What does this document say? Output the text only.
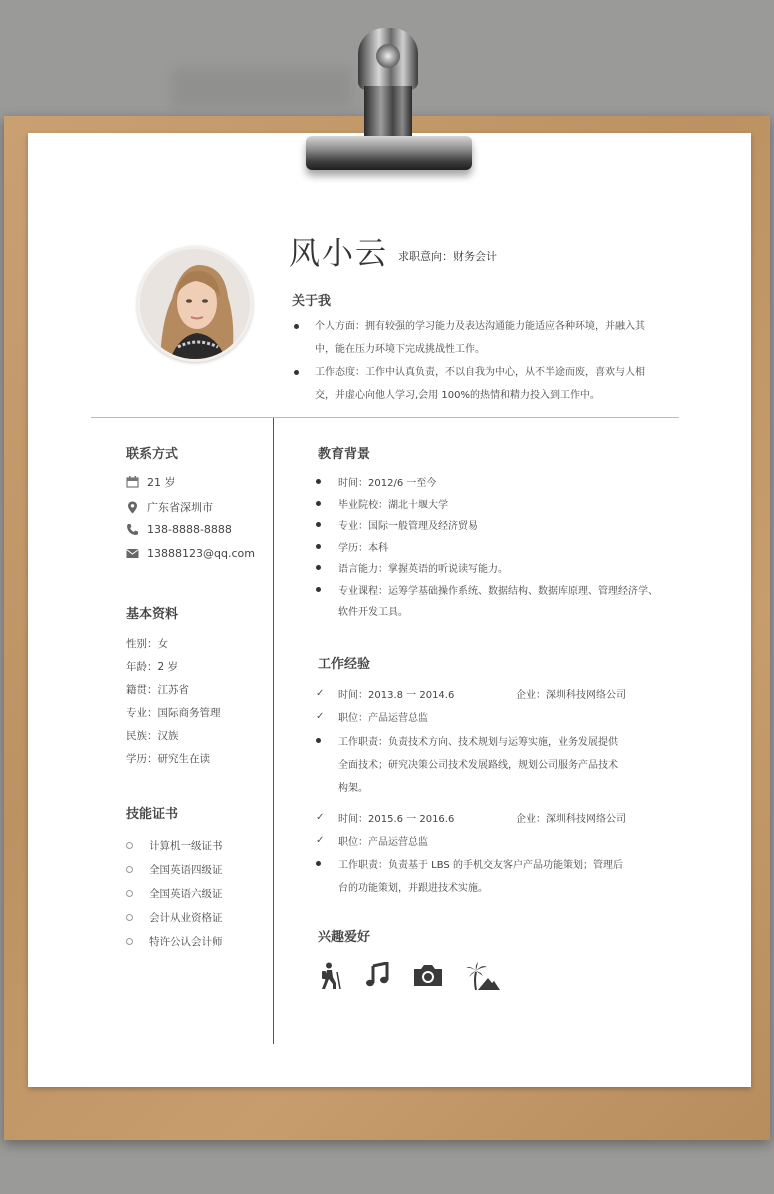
风小云 求职意向：财务会计
关于我
个人方面：拥有较强的学习能力及表达沟通能力能适应各种环境，并融入其
中，能在压力环境下完成挑战性工作。
工作态度：工作中认真负责，不以自我为中心，从不半途而废，喜欢与人相
交，并虚心向他人学习,会用 100%的热情和精力投入到工作中。
联系方式
21 岁
广东省深圳市
138-8888-8888
13888123@qq.com
基本资料
性别：女
年龄：2 岁
籍贯：江苏省
专业：国际商务管理
民族：汉族
学历：研究生在读
技能证书
计算机一级证书
全国英语四级证
全国英语六级证
会计从业资格证
特许公认会计师
教育背景
时间：2012/6 一至今
毕业院校：湖北十堰大学
专业：国际一般管理及经济贸易
学历：本科
语言能力：掌握英语的听说读写能力。
专业课程：运筹学基础操作系统、数据结构、数据库原理、管理经济学、
软件开发工具。
工作经验
✓ 时间：2013.8 一 2014.6	企业：深圳科技网络公司
✓ 职位：产品运营总监
工作职责：负责技术方向、技术规划与运筹实施，业务发展提供
全面技术；研究决策公司技术发展路线，规划公司服务产品技术
构架。
✓ 时间：2015.6 一 2016.6	企业：深圳科技网络公司
✓ 职位：产品运营总监
工作职责：负责基于 LBS 的手机交友客户产品功能策划；管理后
台的功能策划，并跟进技术实施。
兴趣爱好
